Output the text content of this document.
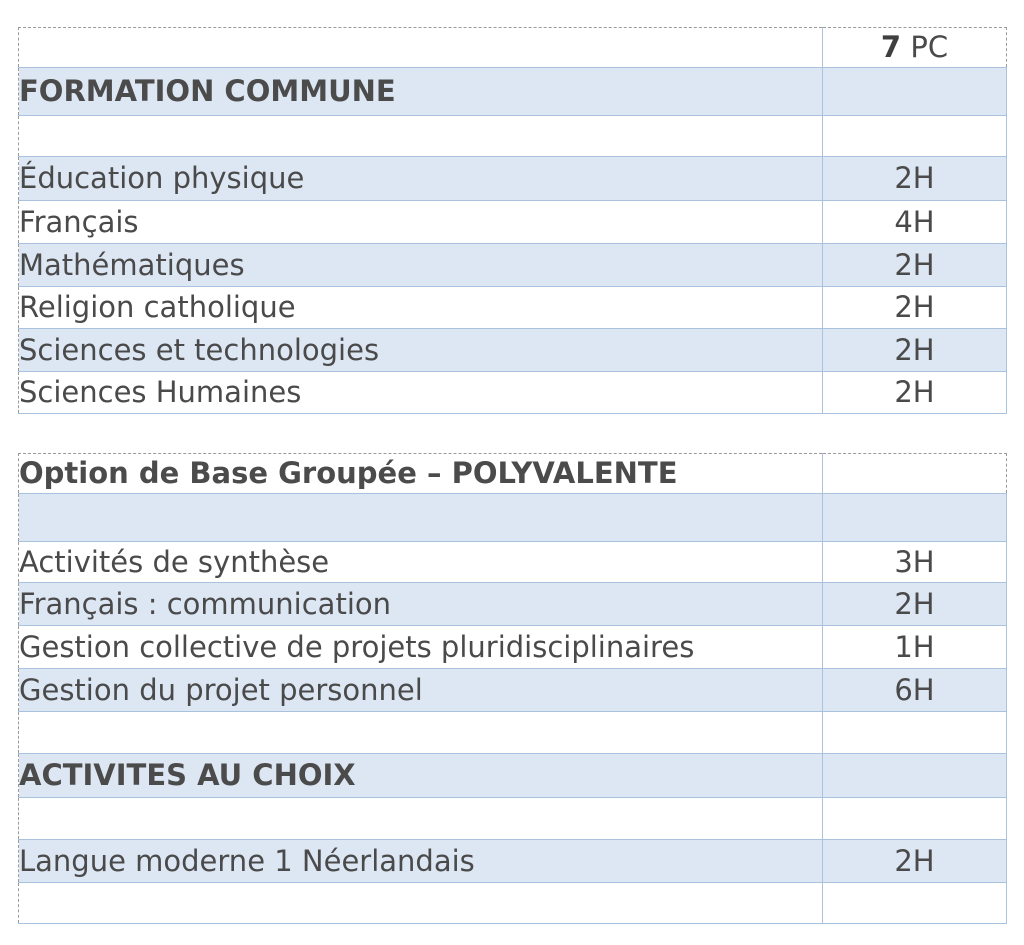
	7 PC
FORMATION COMMUNE	

Éducation physique	2H
Français	4H
Mathématiques	2H
Religion catholique	2H
Sciences et technologies	2H
Sciences Humaines	2H
Option de Base Groupée – POLYVALENTE	

Activités de synthèse	3H
Français : communication	2H
Gestion collective de projets pluridisciplinaires	1H
Gestion du projet personnel	6H

ACTIVITES AU CHOIX	

Langue moderne 1 Néerlandais	2H
